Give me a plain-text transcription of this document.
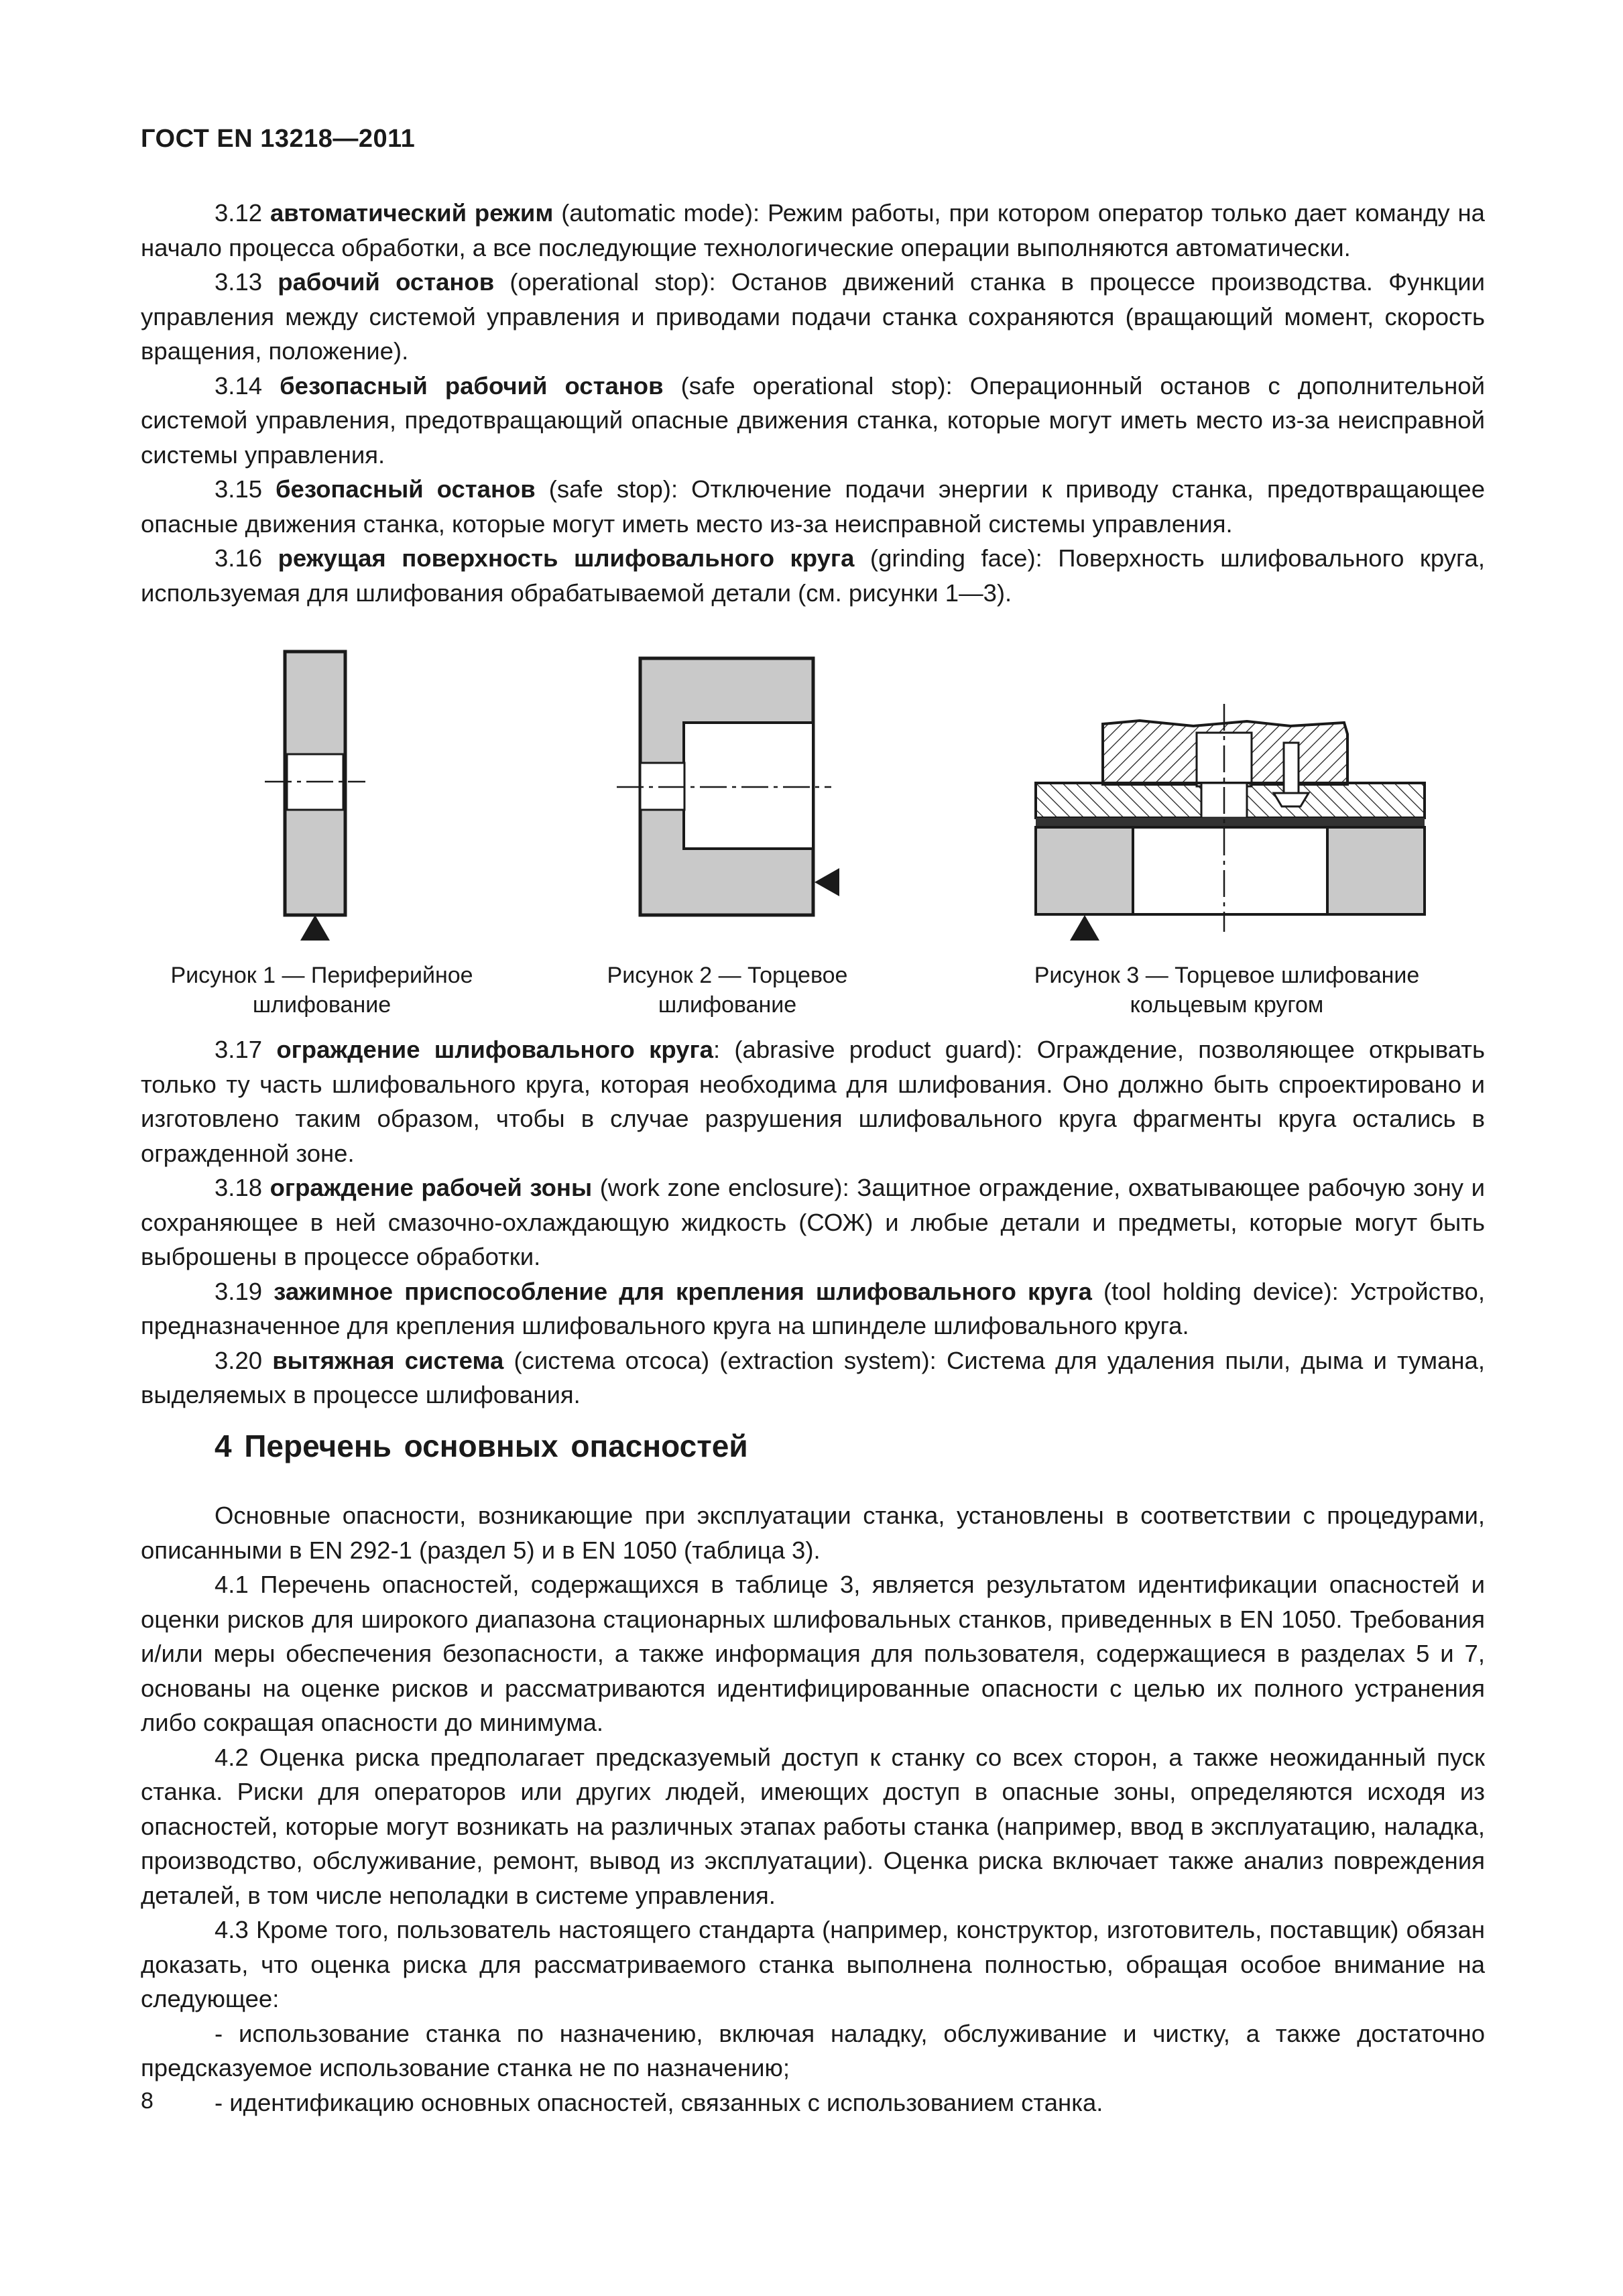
ГОСТ EN 13218—2011

3.12 автоматический режим (automatic mode): Режим работы, при котором оператор только дает команду на начало процесса обработки, а все последующие технологические операции выполняются автоматически.

3.13 рабочий останов (operational stop): Останов движений станка в процессе производства. Функции управления между системой управления и приводами подачи станка сохраняются (вращающий момент, скорость вращения, положение).

3.14 безопасный рабочий останов (safe operational stop): Операционный останов с дополнительной системой управления, предотвращающий опасные движения станка, которые могут иметь место из-за неисправной системы управления.

3.15 безопасный останов (safe stop): Отключение подачи энергии к приводу станка, предотвращающее опасные движения станка, которые могут иметь место из-за неисправной системы управления.

3.16 режущая поверхность шлифовального круга (grinding face): Поверхность шлифовального круга, используемая для шлифования обрабатываемой детали (см. рисунки 1—3).

Рисунок 1 — Периферийное
шлифование
Рисунок 2 — Торцевое
шлифование
Рисунок 3 — Торцевое шлифование
кольцевым кругом

3.17 ограждение шлифовального круга: (abrasive product guard): Ограждение, позволяющее открывать только ту часть шлифовального круга, которая необходима для шлифования. Оно должно быть спроектировано и изготовлено таким образом, чтобы в случае разрушения шлифовального круга фрагменты круга остались в огражденной зоне.

3.18 ограждение рабочей зоны (work zone enclosure): Защитное ограждение, охватывающее рабочую зону и сохраняющее в ней смазочно-охлаждающую жидкость (СОЖ) и любые детали и предметы, которые могут быть выброшены в процессе обработки.

3.19 зажимное приспособление для крепления шлифовального круга (tool holding device): Устройство, предназначенное для крепления шлифовального круга на шпинделе шлифовального круга.

3.20 вытяжная система (система отсоса) (extraction system): Система для удаления пыли, дыма и тумана, выделяемых в процессе шлифования.

4 Перечень основных опасностей

Основные опасности, возникающие при эксплуатации станка, установлены в соответствии с процедурами, описанными в EN 292-1 (раздел 5) и в EN 1050 (таблица 3).

4.1 Перечень опасностей, содержащихся в таблице 3, является результатом идентификации опасностей и оценки рисков для широкого диапазона стационарных шлифовальных станков, приведенных в EN 1050. Требования и/или меры обеспечения безопасности, а также информация для пользователя, содержащиеся в разделах 5 и 7, основаны на оценке рисков и рассматриваются идентифицированные опасности с целью их полного устранения либо сокращая опасности до минимума.

4.2 Оценка риска предполагает предсказуемый доступ к станку со всех сторон, а также неожиданный пуск станка. Риски для операторов или других людей, имеющих доступ в опасные зоны, определяются исходя из опасностей, которые могут возникать на различных этапах работы станка (например, ввод в эксплуатацию, наладка, производство, обслуживание, ремонт, вывод из эксплуатации). Оценка риска включает также анализ повреждения деталей, в том числе неполадки в системе управления.

4.3 Кроме того, пользователь настоящего стандарта (например, конструктор, изготовитель, поставщик) обязан доказать, что оценка риска для рассматриваемого станка выполнена полностью, обращая особое внимание на следующее:

- использование станка по назначению, включая наладку, обслуживание и чистку, а также достаточно предсказуемое использование станка не по назначению;

- идентификацию основных опасностей, связанных с использованием станка.

8
